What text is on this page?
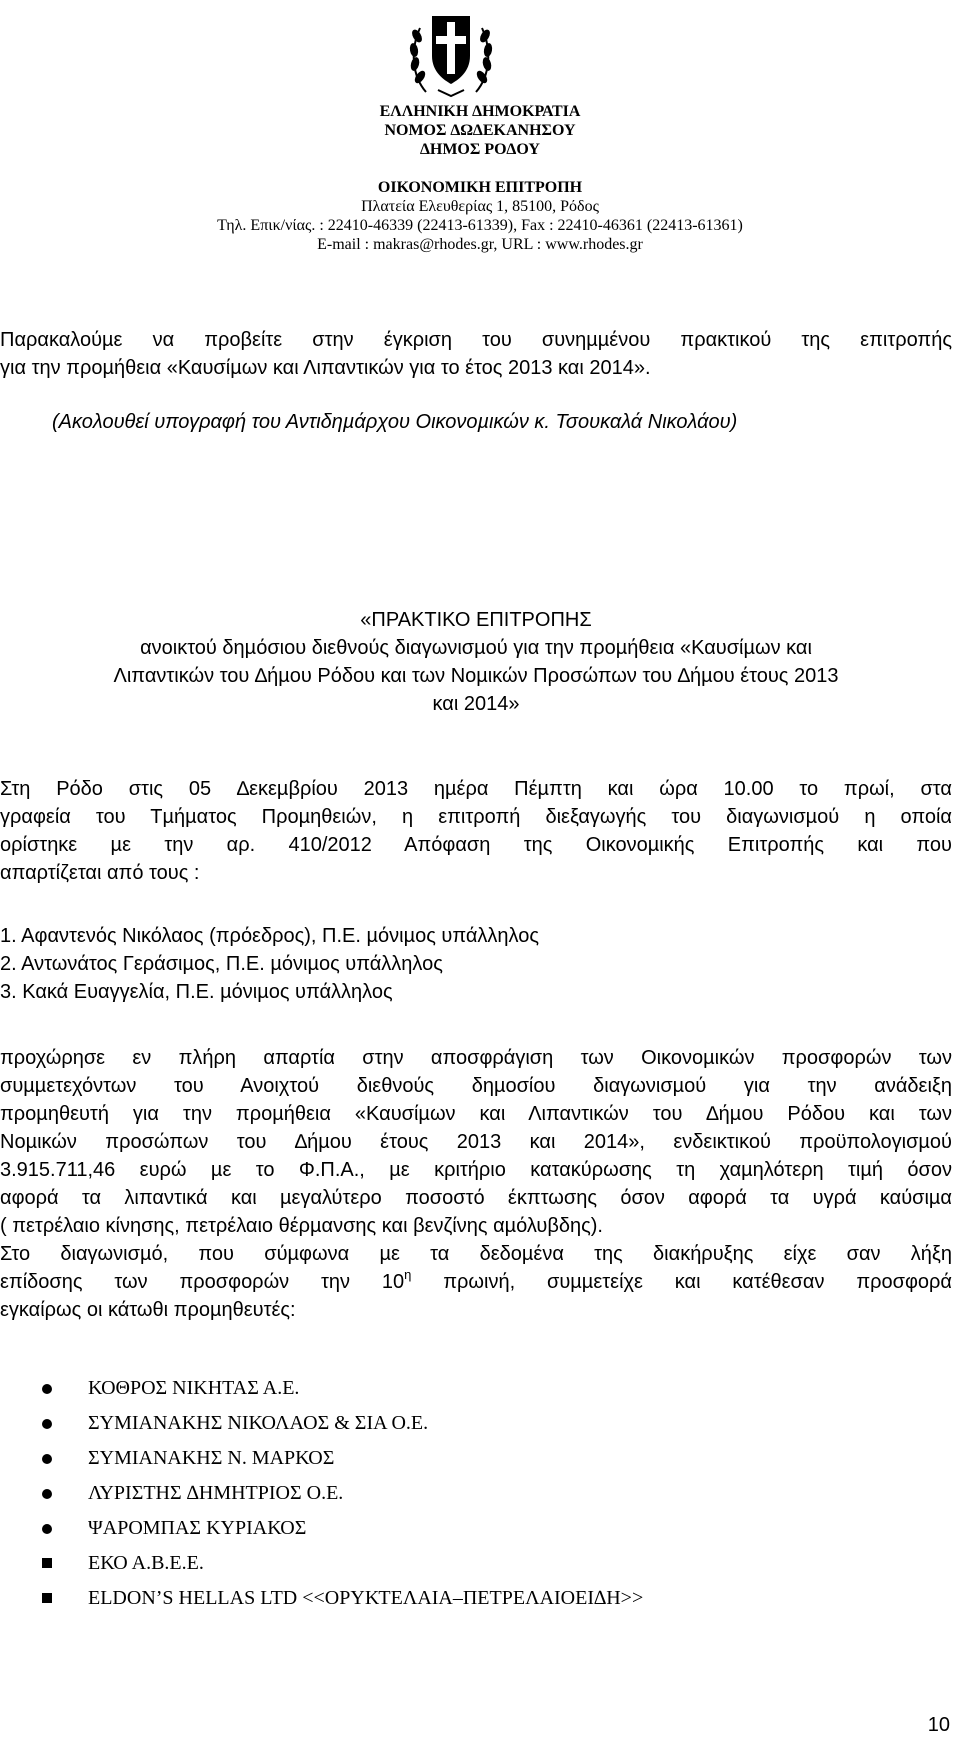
ΕΛΛΗΝΙΚΗ ∆ΗΜΟΚΡΑΤΙΑ
ΝΟΜΟΣ ∆Ω∆ΕΚΑΝΗΣΟΥ
∆ΗΜΟΣ ΡΟ∆ΟΥ
ΟΙΚΟΝΟΜΙΚΗ ΕΠΙΤΡΟΠΗ
Πλατεία Ελευθερίας 1, 85100, Ρόδος
Τηλ. Επικ/νίας. : 22410-46339 (22413-61339), Fax : 22410-46361 (22413-61361)
E-mail : makras@rhodes.gr, URL : www.rhodes.gr
Παρακαλούµε να προβείτε στην έγκριση του συνηµµένου πρακτικού της επιτροπής
για την προµήθεια «Καυσίµων και Λιπαντικών για το έτος 2013 και 2014».
(Ακολουθεί υπογραφή του Αντιδηµάρχου Οικονοµικών κ. Τσουκαλά Νικολάου)
«ΠΡΑΚΤΙΚΟ ΕΠΙΤΡΟΠΗΣ
ανοικτού δηµόσιου διεθνούς διαγωνισµού για την προµήθεια «Καυσίµων και
Λιπαντικών του ∆ήµου Ρόδου και των Νοµικών Προσώπων του ∆ήµου έτους 2013
και 2014»
Στη Ρόδο στις 05 ∆εκεµβρίου 2013 ηµέρα Πέµπτη και ώρα 10.00 το πρωί, στα
γραφεία του Τµήµατος Προµηθειών, η επιτροπή διεξαγωγής του διαγωνισµού η οποία
ορίστηκε µε την αρ. 410/2012 Απόφαση της Οικονοµικής Επιτροπής και που
απαρτίζεται από τους :
1. Αφαντενός Νικόλαος (πρόεδρος), Π.Ε. µόνιµος υπάλληλος
2. Αντωνάτος Γεράσιµος, Π.Ε. µόνιµος υπάλληλος
3. Κακά Ευαγγελία, Π.Ε. µόνιµος υπάλληλος
προχώρησε εν πλήρη απαρτία στην αποσφράγιση των Οικονοµικών προσφορών των
συµµετεχόντων του Ανοιχτού διεθνούς δηµοσίου διαγωνισµού για την ανάδειξη
προµηθευτή για την προµήθεια «Καυσίµων και Λιπαντικών του ∆ήµου Ρόδου και των
Νοµικών προσώπων του ∆ήµου έτους 2013 και 2014», ενδεικτικού προϋπολογισµού
3.915.711,46 ευρώ µε το Φ.Π.Α., µε κριτήριο κατακύρωσης τη χαµηλότερη τιµή όσον
αφορά τα λιπαντικά και µεγαλύτερο ποσοστό έκπτωσης όσον αφορά τα υγρά καύσιµα
( πετρέλαιο κίνησης, πετρέλαιο θέρµανσης και βενζίνης αµόλυβδης).
Στο διαγωνισµό, που σύµφωνα µε τα δεδοµένα της διακήρυξης είχε σαν λήξη
επίδοσης των προσφορών την $10^\eta$ πρωινή, συµµετείχε και κατέθεσαν προσφορά
εγκαίρως οι κάτωθι προµηθευτές:
ΚΟΘΡΟΣ ΝΙΚΗΤΑΣ Α.Ε.
ΣΥΜΙΑΝΑΚΗΣ ΝΙΚΟΛΑΟΣ & ΣΙΑ Ο.Ε.
ΣΥΜΙΑΝΑΚΗΣ Ν. ΜΑΡΚΟΣ
ΛΥΡΙΣΤΗΣ ∆ΗΜΗΤΡΙΟΣ Ο.Ε.
ΨΑΡΟΜΠΑΣ ΚΥΡΙΑΚΟΣ
ΕΚΟ Α.Β.Ε.Ε.
ELDON’S HELLAS LTD <<ΟΡΥΚΤΕΛΑΙΑ–ΠΕΤΡΕΛΑΙΟΕΙ∆Η>>
10
